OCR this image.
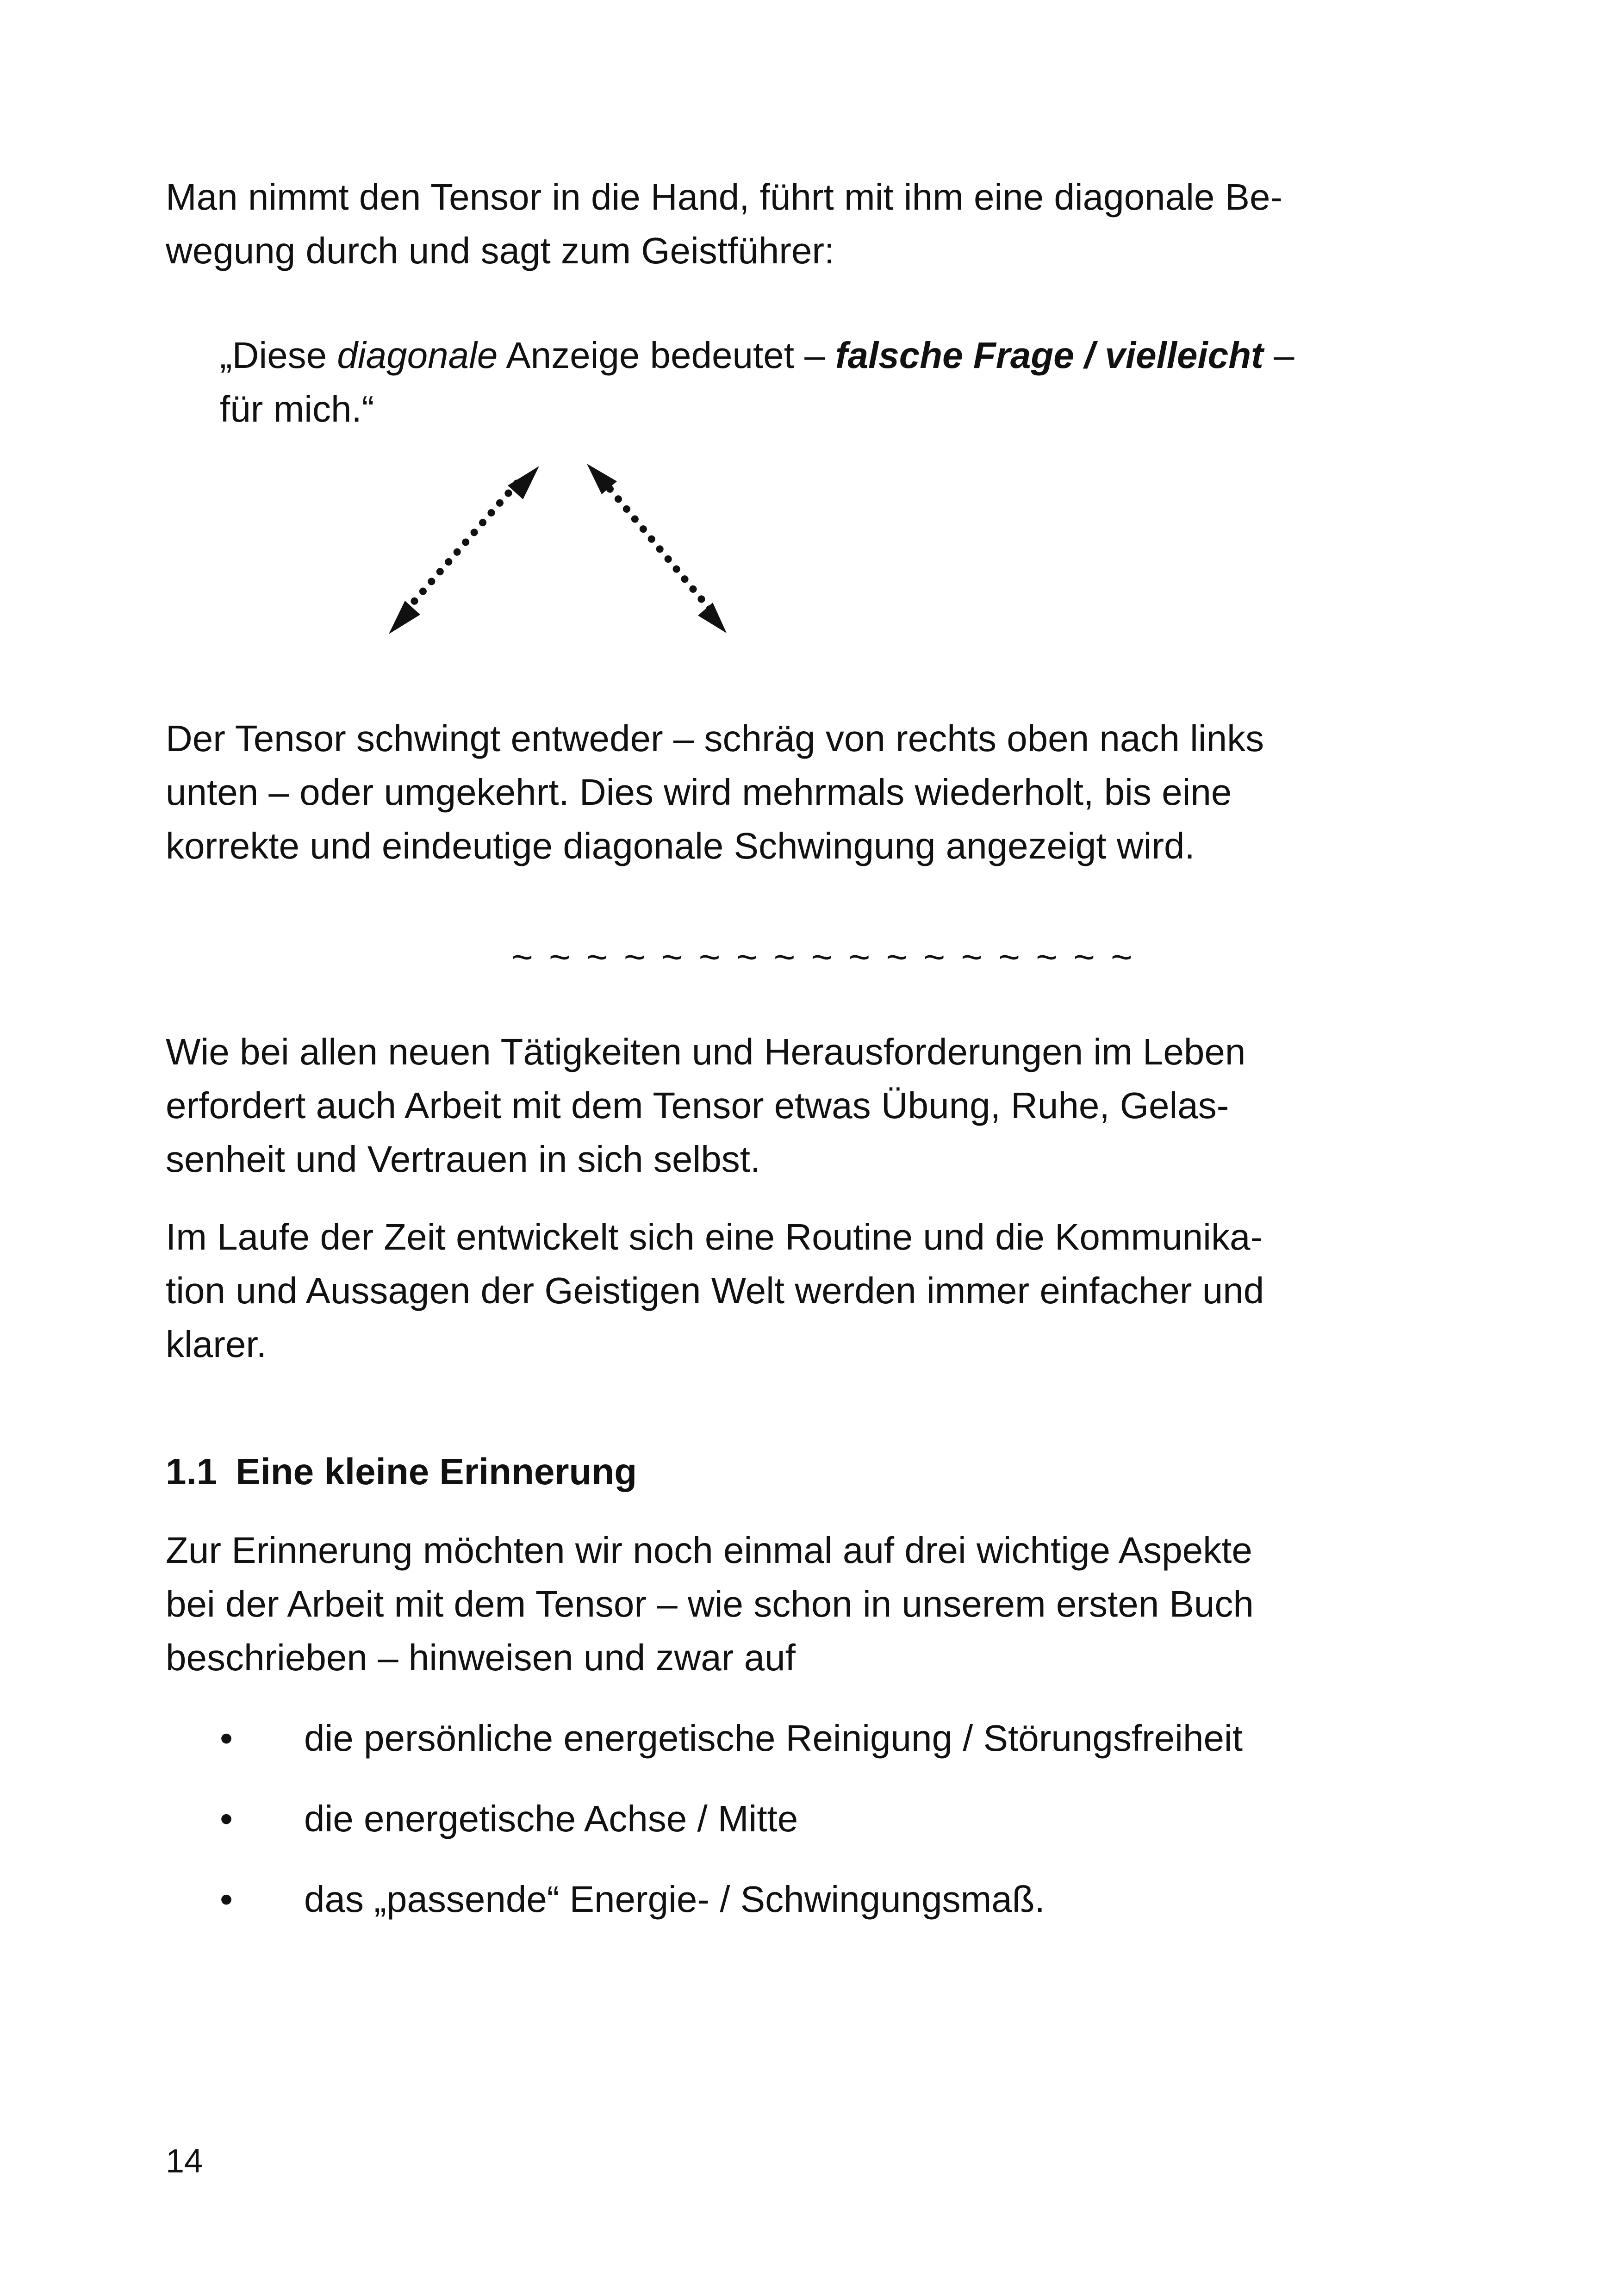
Man nimmt den Tensor in die Hand, führt mit ihm eine diagonale Be-
wegung durch und sagt zum Geistführer:

„Diese diagonale Anzeige bedeutet – falsche Frage / vielleicht –
für mich.“

Der Tensor schwingt entweder – schräg von rechts oben nach links
unten – oder umgekehrt. Dies wird mehrmals wiederholt, bis eine
korrekte und eindeutige diagonale Schwingung angezeigt wird.

~ ~ ~ ~ ~ ~ ~ ~ ~ ~ ~ ~ ~ ~ ~ ~ ~

Wie bei allen neuen Tätigkeiten und Herausforderungen im Leben
erfordert auch Arbeit mit dem Tensor etwas Übung, Ruhe, Gelas-
senheit und Vertrauen in sich selbst.

Im Laufe der Zeit entwickelt sich eine Routine und die Kommunika-
tion und Aussagen der Geistigen Welt werden immer einfacher und
klarer.

1.1 Eine kleine Erinnerung

Zur Erinnerung möchten wir noch einmal auf drei wichtige Aspekte
bei der Arbeit mit dem Tensor – wie schon in unserem ersten Buch
beschrieben – hinweisen und zwar auf

• die persönliche energetische Reinigung / Störungsfreiheit
• die energetische Achse / Mitte
• das „passende“ Energie- / Schwingungsmaß.
14
